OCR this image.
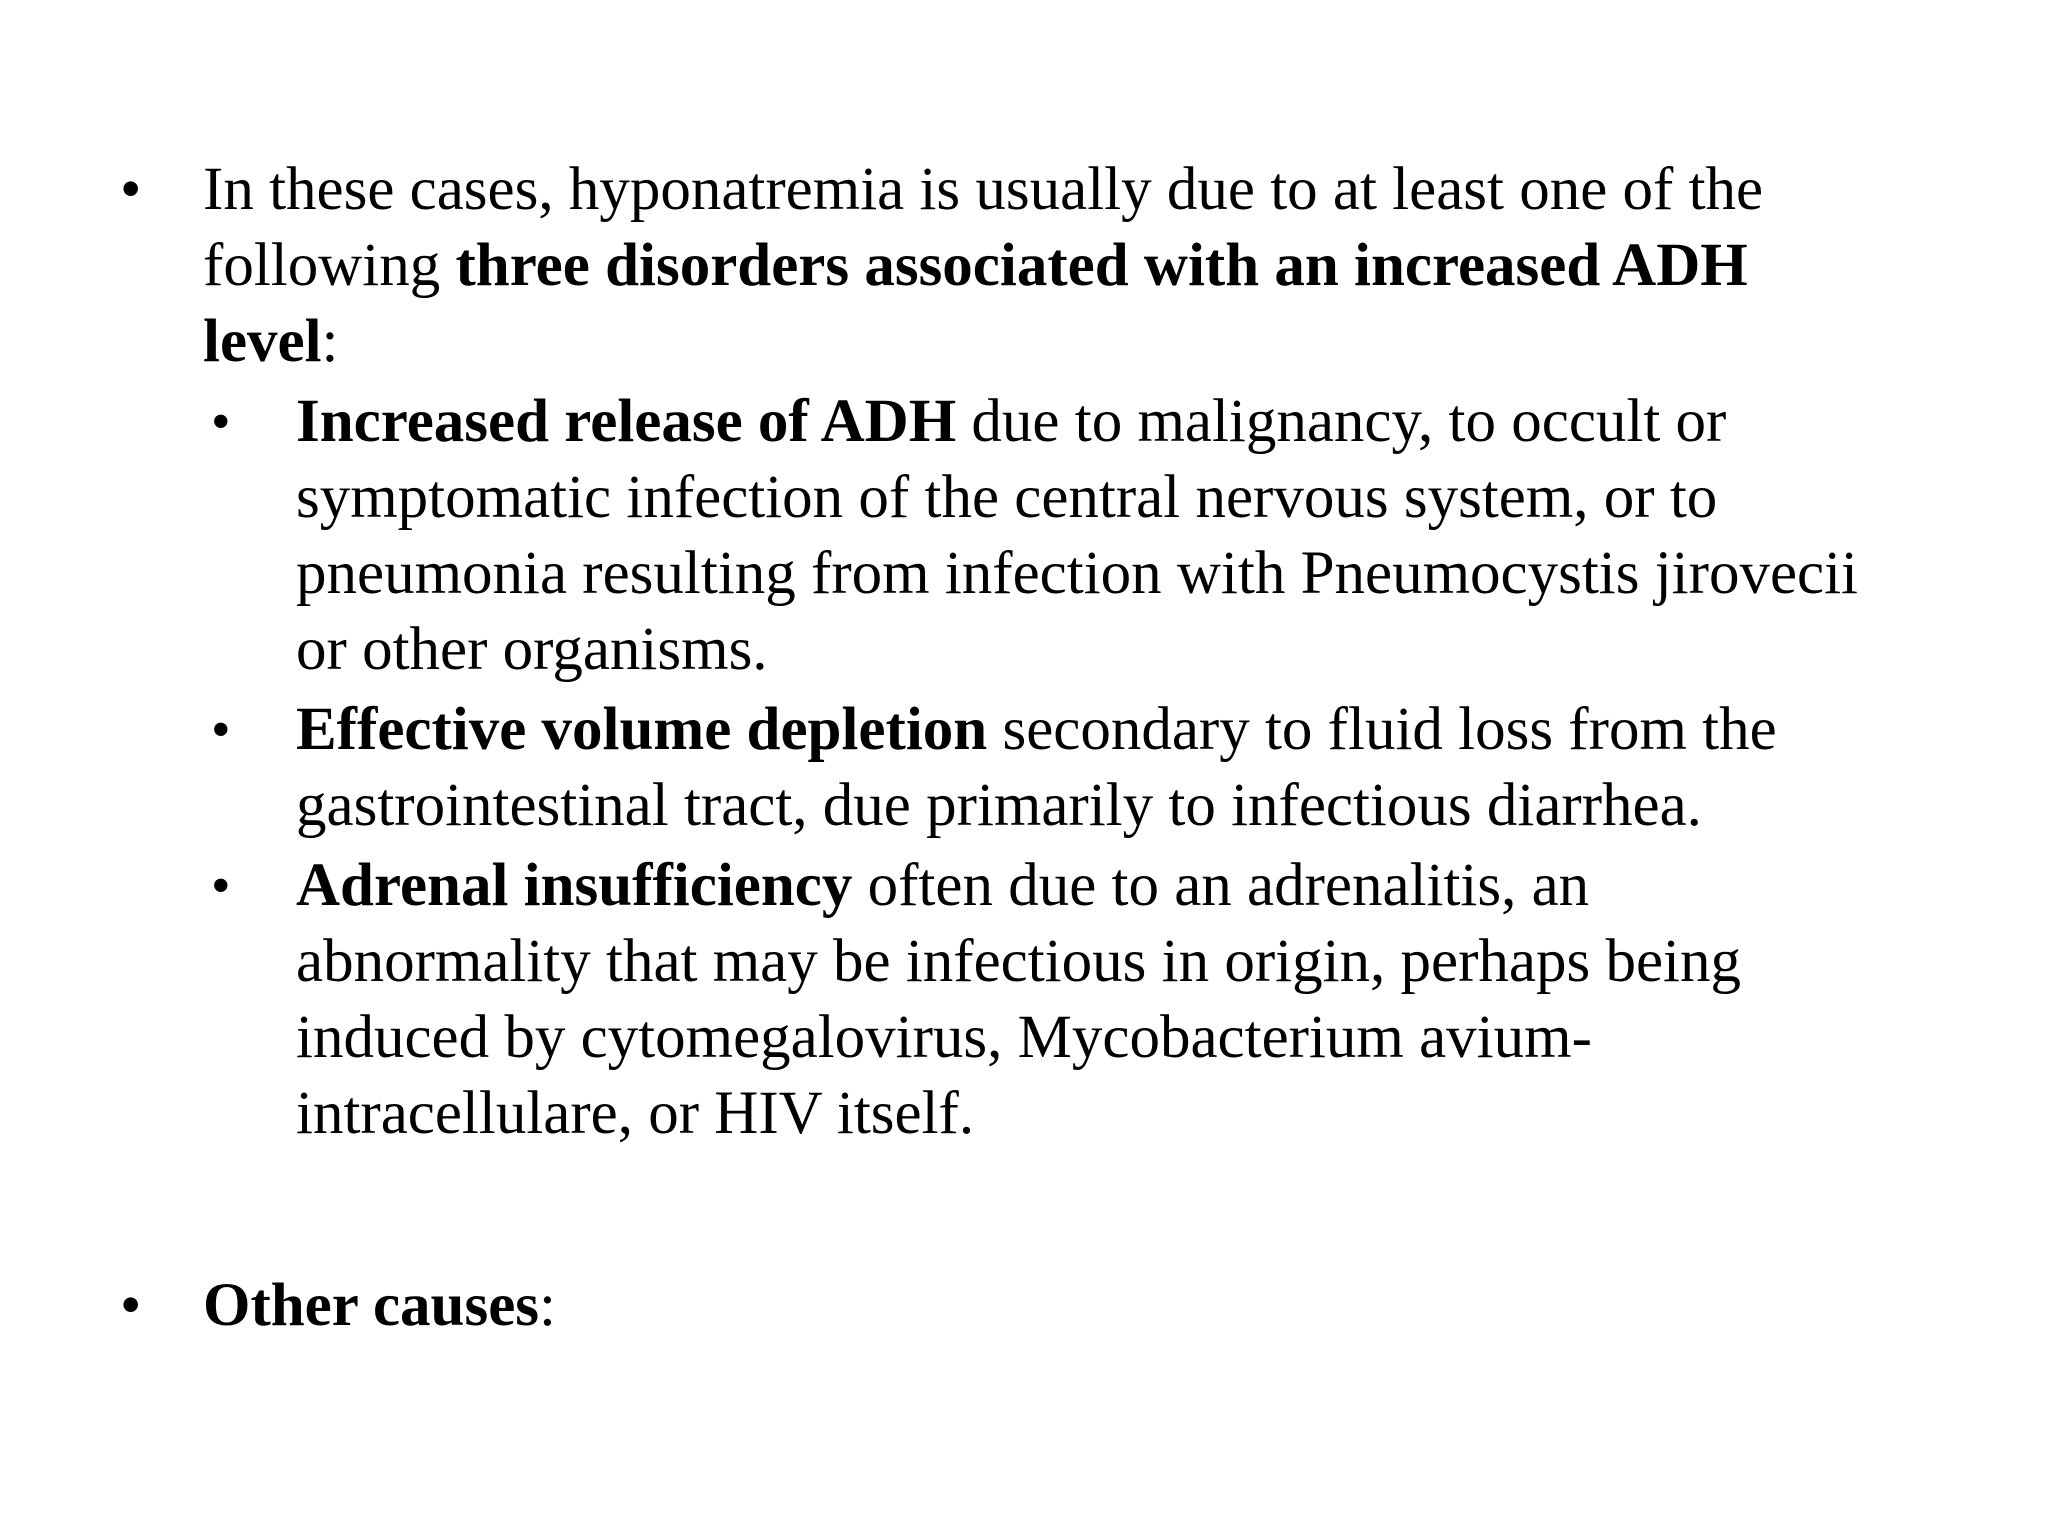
•	In these cases, hyponatremia is usually due to at least one of the following three disorders associated with an increased ADH level:
•	Increased release of ADH due to malignancy, to occult or symptomatic infection of the central nervous system, or to pneumonia resulting from infection with Pneumocystis jirovecii or other organisms.
•	Effective volume depletion secondary to fluid loss from the gastrointestinal tract, due primarily to infectious diarrhea.
•	Adrenal insufficiency often due to an adrenalitis, an abnormality that may be infectious in origin, perhaps being induced by cytomegalovirus, Mycobacterium avium-intracellulare, or HIV itself.
•	Other causes:
